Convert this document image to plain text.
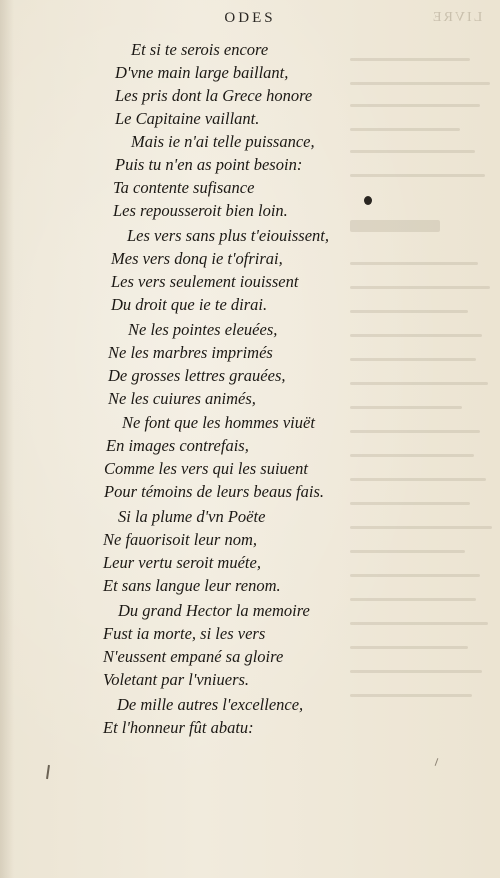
ODES	LIVRE
Et si te serois encore
D'vne main large baillant,
Les pris dont la Grece honore
Le Capitaine vaillant.
Mais ie n'ai telle puissance,
Puis tu n'en as point besoin:
Ta contente sufisance
Les repousseroit bien loin.
Les vers sans plus t'eiouissent,
Mes vers donq ie t'ofrirai,
Les vers seulement iouissent
Du droit que ie te dirai.
Ne les pointes eleuées,
Ne les marbres imprimés
De grosses lettres grauées,
Ne les cuiures animés,
Ne font que les hommes viuët
En images contrefais,
Comme les vers qui les suiuent
Pour témoins de leurs beaus fais.
Si la plume d'vn Poëte
Ne fauorisoit leur nom,
Leur vertu seroit muéte,
Et sans langue leur renom.
Du grand Hector la memoire
Fust ia morte, si les vers
N'eussent empané sa gloire
Voletant par l'vniuers.
De mille autres l'excellence,
Et l'honneur fût abatu:
